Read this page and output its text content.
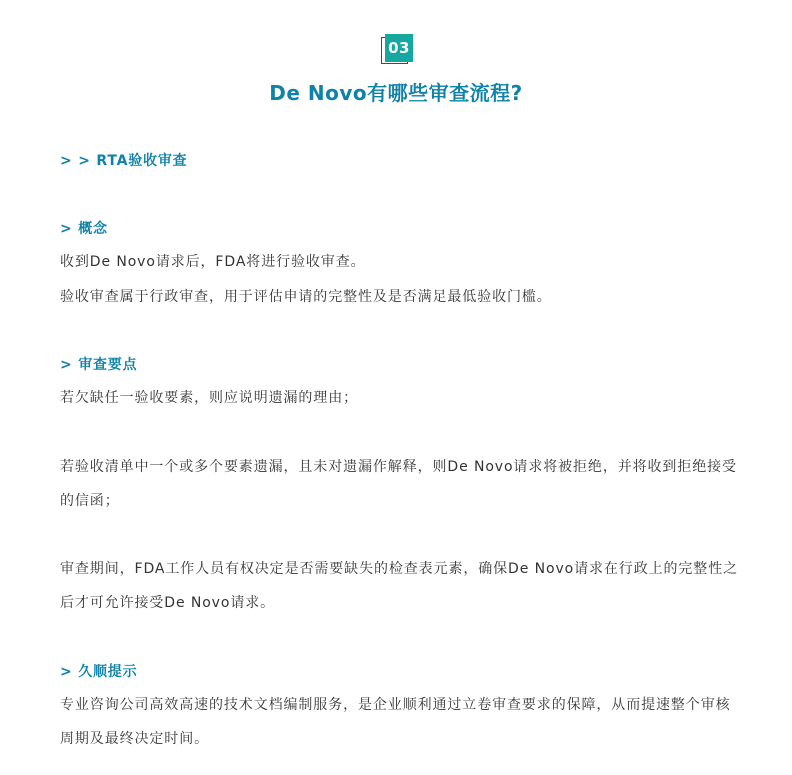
03
De Novo有哪些审查流程?
> > RTA验收审查
> 概念
收到De Novo请求后，FDA将进行验收审查。
验收审查属于行政审查，用于评估申请的完整性及是否满足最低验收门槛。
> 审查要点
若欠缺任一验收要素，则应说明遗漏的理由；
若验收清单中一个或多个要素遗漏，且未对遗漏作解释，则De Novo请求将被拒绝，并将收到拒绝接受的信函；
审查期间，FDA工作人员有权决定是否需要缺失的检查表元素，确保De Novo请求在行政上的完整性之后才可允许接受De Novo请求。
> 久顺提示
专业咨询公司高效高速的技术文档编制服务，是企业顺利通过立卷审查要求的保障，从而提速整个审核周期及最终决定时间。
